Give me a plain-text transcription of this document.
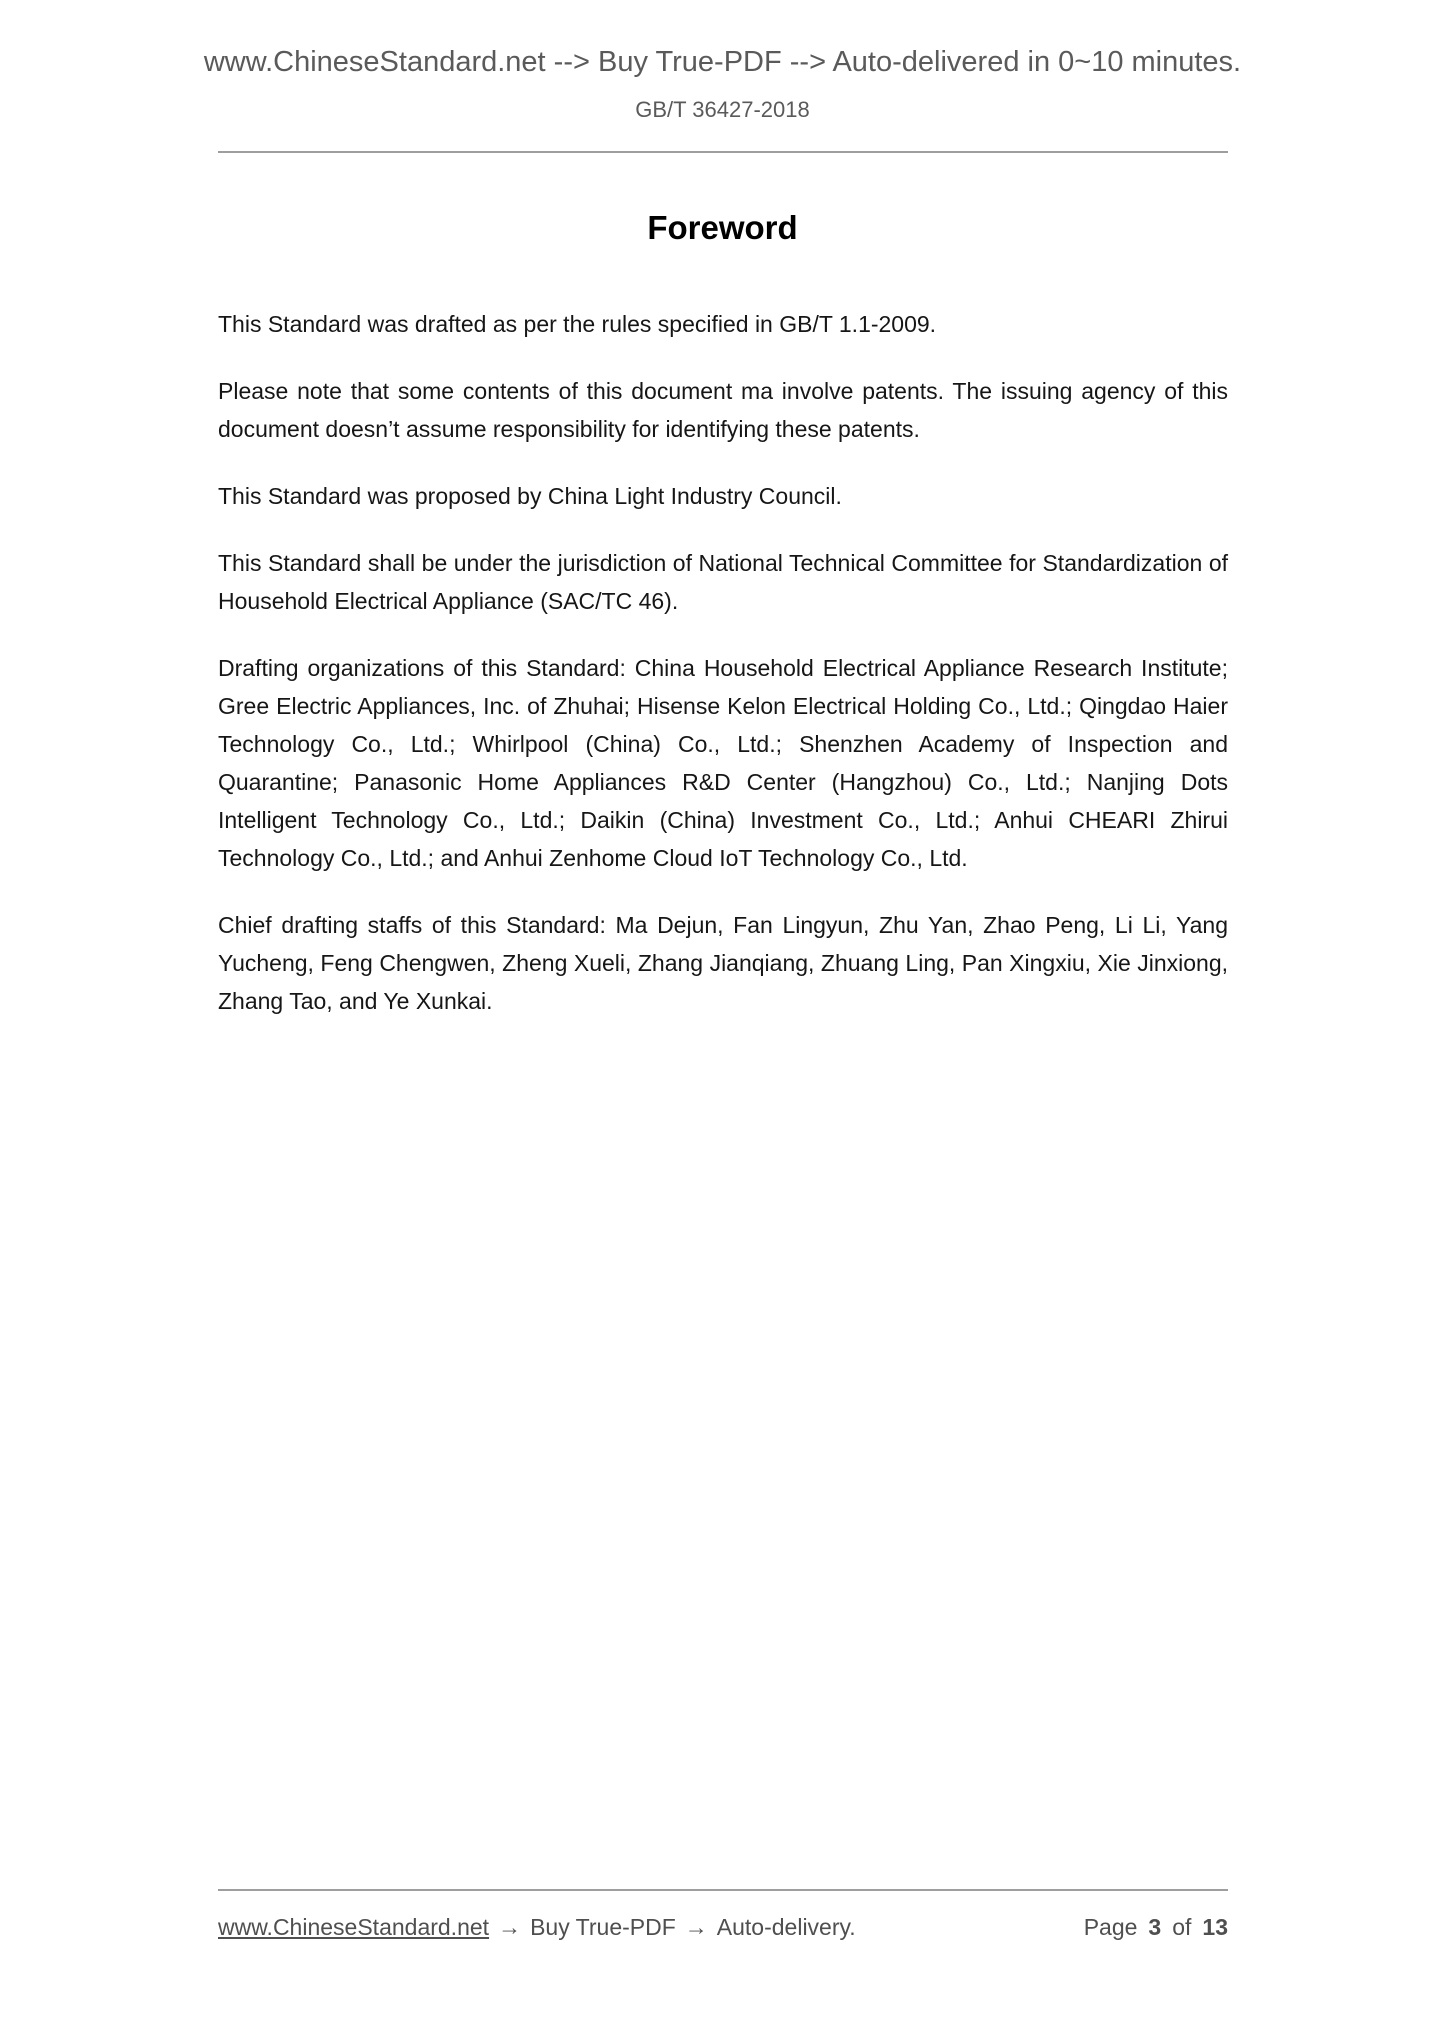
www.ChineseStandard.net --> Buy True-PDF --> Auto-delivered in 0~10 minutes.
GB/T 36427-2018
Foreword

This Standard was drafted as per the rules specified in GB/T 1.1-2009.

Please note that some contents of this document ma involve patents. The issuing agency of this document doesn’t assume responsibility for identifying these patents.

This Standard was proposed by China Light Industry Council.

This Standard shall be under the jurisdiction of National Technical Committee for Standardization of Household Electrical Appliance (SAC/TC 46).

Drafting organizations of this Standard: China Household Electrical Appliance Research Institute; Gree Electric Appliances, Inc. of Zhuhai; Hisense Kelon Electrical Holding Co., Ltd.; Qingdao Haier Technology Co., Ltd.; Whirlpool (China) Co., Ltd.; Shenzhen Academy of Inspection and Quarantine; Panasonic Home Appliances R&D Center (Hangzhou) Co., Ltd.; Nanjing Dots Intelligent Technology Co., Ltd.; Daikin (China) Investment Co., Ltd.; Anhui CHEARI Zhirui Technology Co., Ltd.; and Anhui Zenhome Cloud IoT Technology Co., Ltd.

Chief drafting staffs of this Standard: Ma Dejun, Fan Lingyun, Zhu Yan, Zhao Peng, Li Li, Yang Yucheng, Feng Chengwen, Zheng Xueli, Zhang Jianqiang, Zhuang Ling, Pan Xingxiu, Xie Jinxiong, Zhang Tao, and Ye Xunkai.

www.ChineseStandard.net → Buy True-PDF → Auto-delivery.	Page 3 of 13
